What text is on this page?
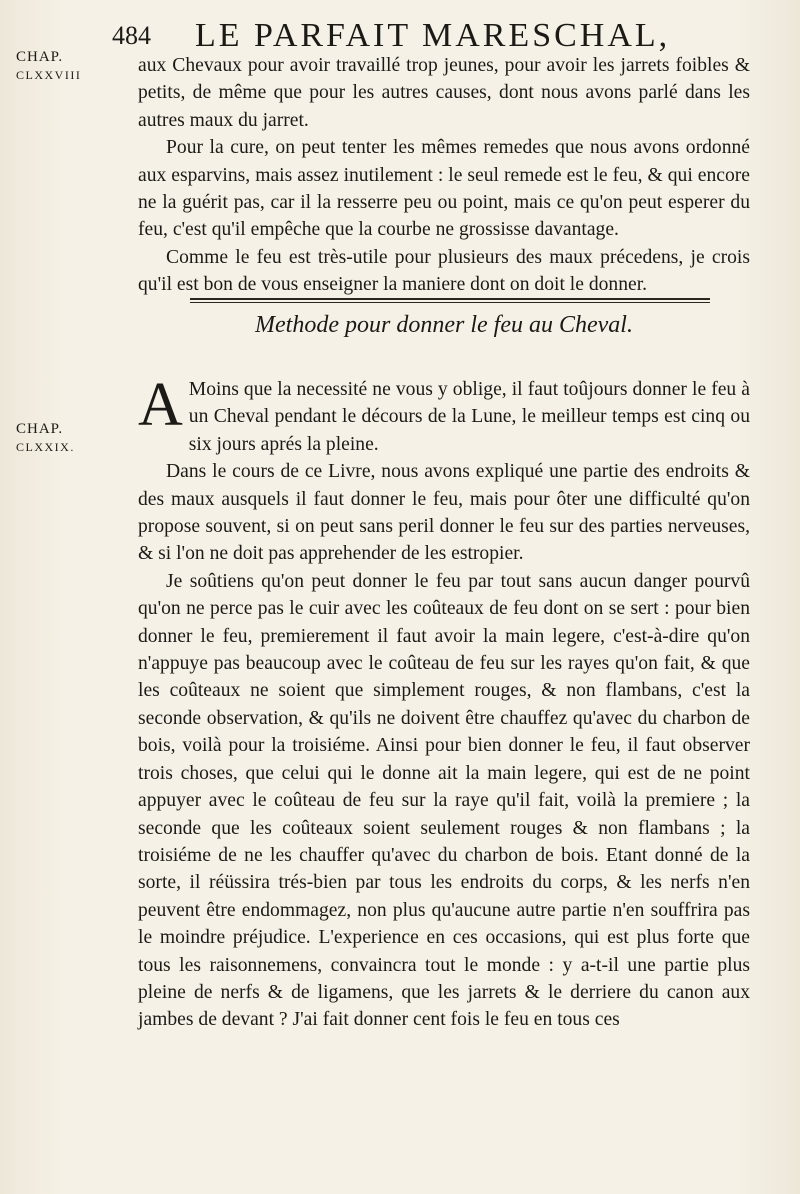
484 LE PARFAIT MARESCHAL,
CHAP.
CLXXVIII	aux Chevaux pour avoir travaillé trop jeunes, pour avoir les jarrets foibles & petits, de même que pour les autres causes, dont nous avons parlé dans les autres maux du jarret.

Pour la cure, on peut tenter les mêmes remedes que nous avons ordonné aux esparvins, mais assez inutilement : le seul remede est le feu, & qui encore ne la guérit pas, car il la resserre peu ou point, mais ce qu'on peut esperer du feu, c'est qu'il empêche que la courbe ne grossisse davantage.

Comme le feu est très-utile pour plusieurs des maux précedens, je crois qu'il est bon de vous enseigner la maniere dont on doit le donner.

Methode pour donner le feu au Cheval.
CHAP.
CLXXIX.

A Moins que la necessité ne vous y oblige, il faut toûjours donner le feu à un Cheval pendant le décours de la Lune, le meilleur temps est cinq ou six jours aprés la pleine.

Dans le cours de ce Livre, nous avons expliqué une partie des endroits & des maux ausquels il faut donner le feu, mais pour ôter une difficulté qu'on propose souvent, si on peut sans peril donner le feu sur des parties nerveuses, & si l'on ne doit pas apprehender de les estropier.

Je soûtiens qu'on peut donner le feu par tout sans aucun danger pourvû qu'on ne perce pas le cuir avec les coûteaux de feu dont on se sert : pour bien donner le feu, premierement il faut avoir la main legere, c'est-à-dire qu'on n'appuye pas beaucoup avec le coûteau de feu sur les rayes qu'on fait, & que les coûteaux ne soient que simplement rouges, & non flambans, c'est la seconde observation, & qu'ils ne doivent être chauffez qu'avec du charbon de bois, voilà pour la troisiéme. Ainsi pour bien donner le feu, il faut observer trois choses, que celui qui le donne ait la main legere, qui est de ne point appuyer avec le coûteau de feu sur la raye qu'il fait, voilà la premiere ; la seconde que les coûteaux soient seulement rouges & non flambans ; la troisiéme de ne les chauffer qu'avec du charbon de bois. Etant donné de la sorte, il réüssira trés-bien par tous les endroits du corps, & les nerfs n'en peuvent être endommagez, non plus qu'aucune autre partie n'en souffrira pas le moindre préjudice. L'experience en ces occasions, qui est plus forte que tous les raisonnemens, convaincra tout le monde : y a-t-il une partie plus pleine de nerfs & de ligamens, que les jarrets & le derriere du canon aux jambes de devant ? J'ai fait donner cent fois le feu en tous ces
